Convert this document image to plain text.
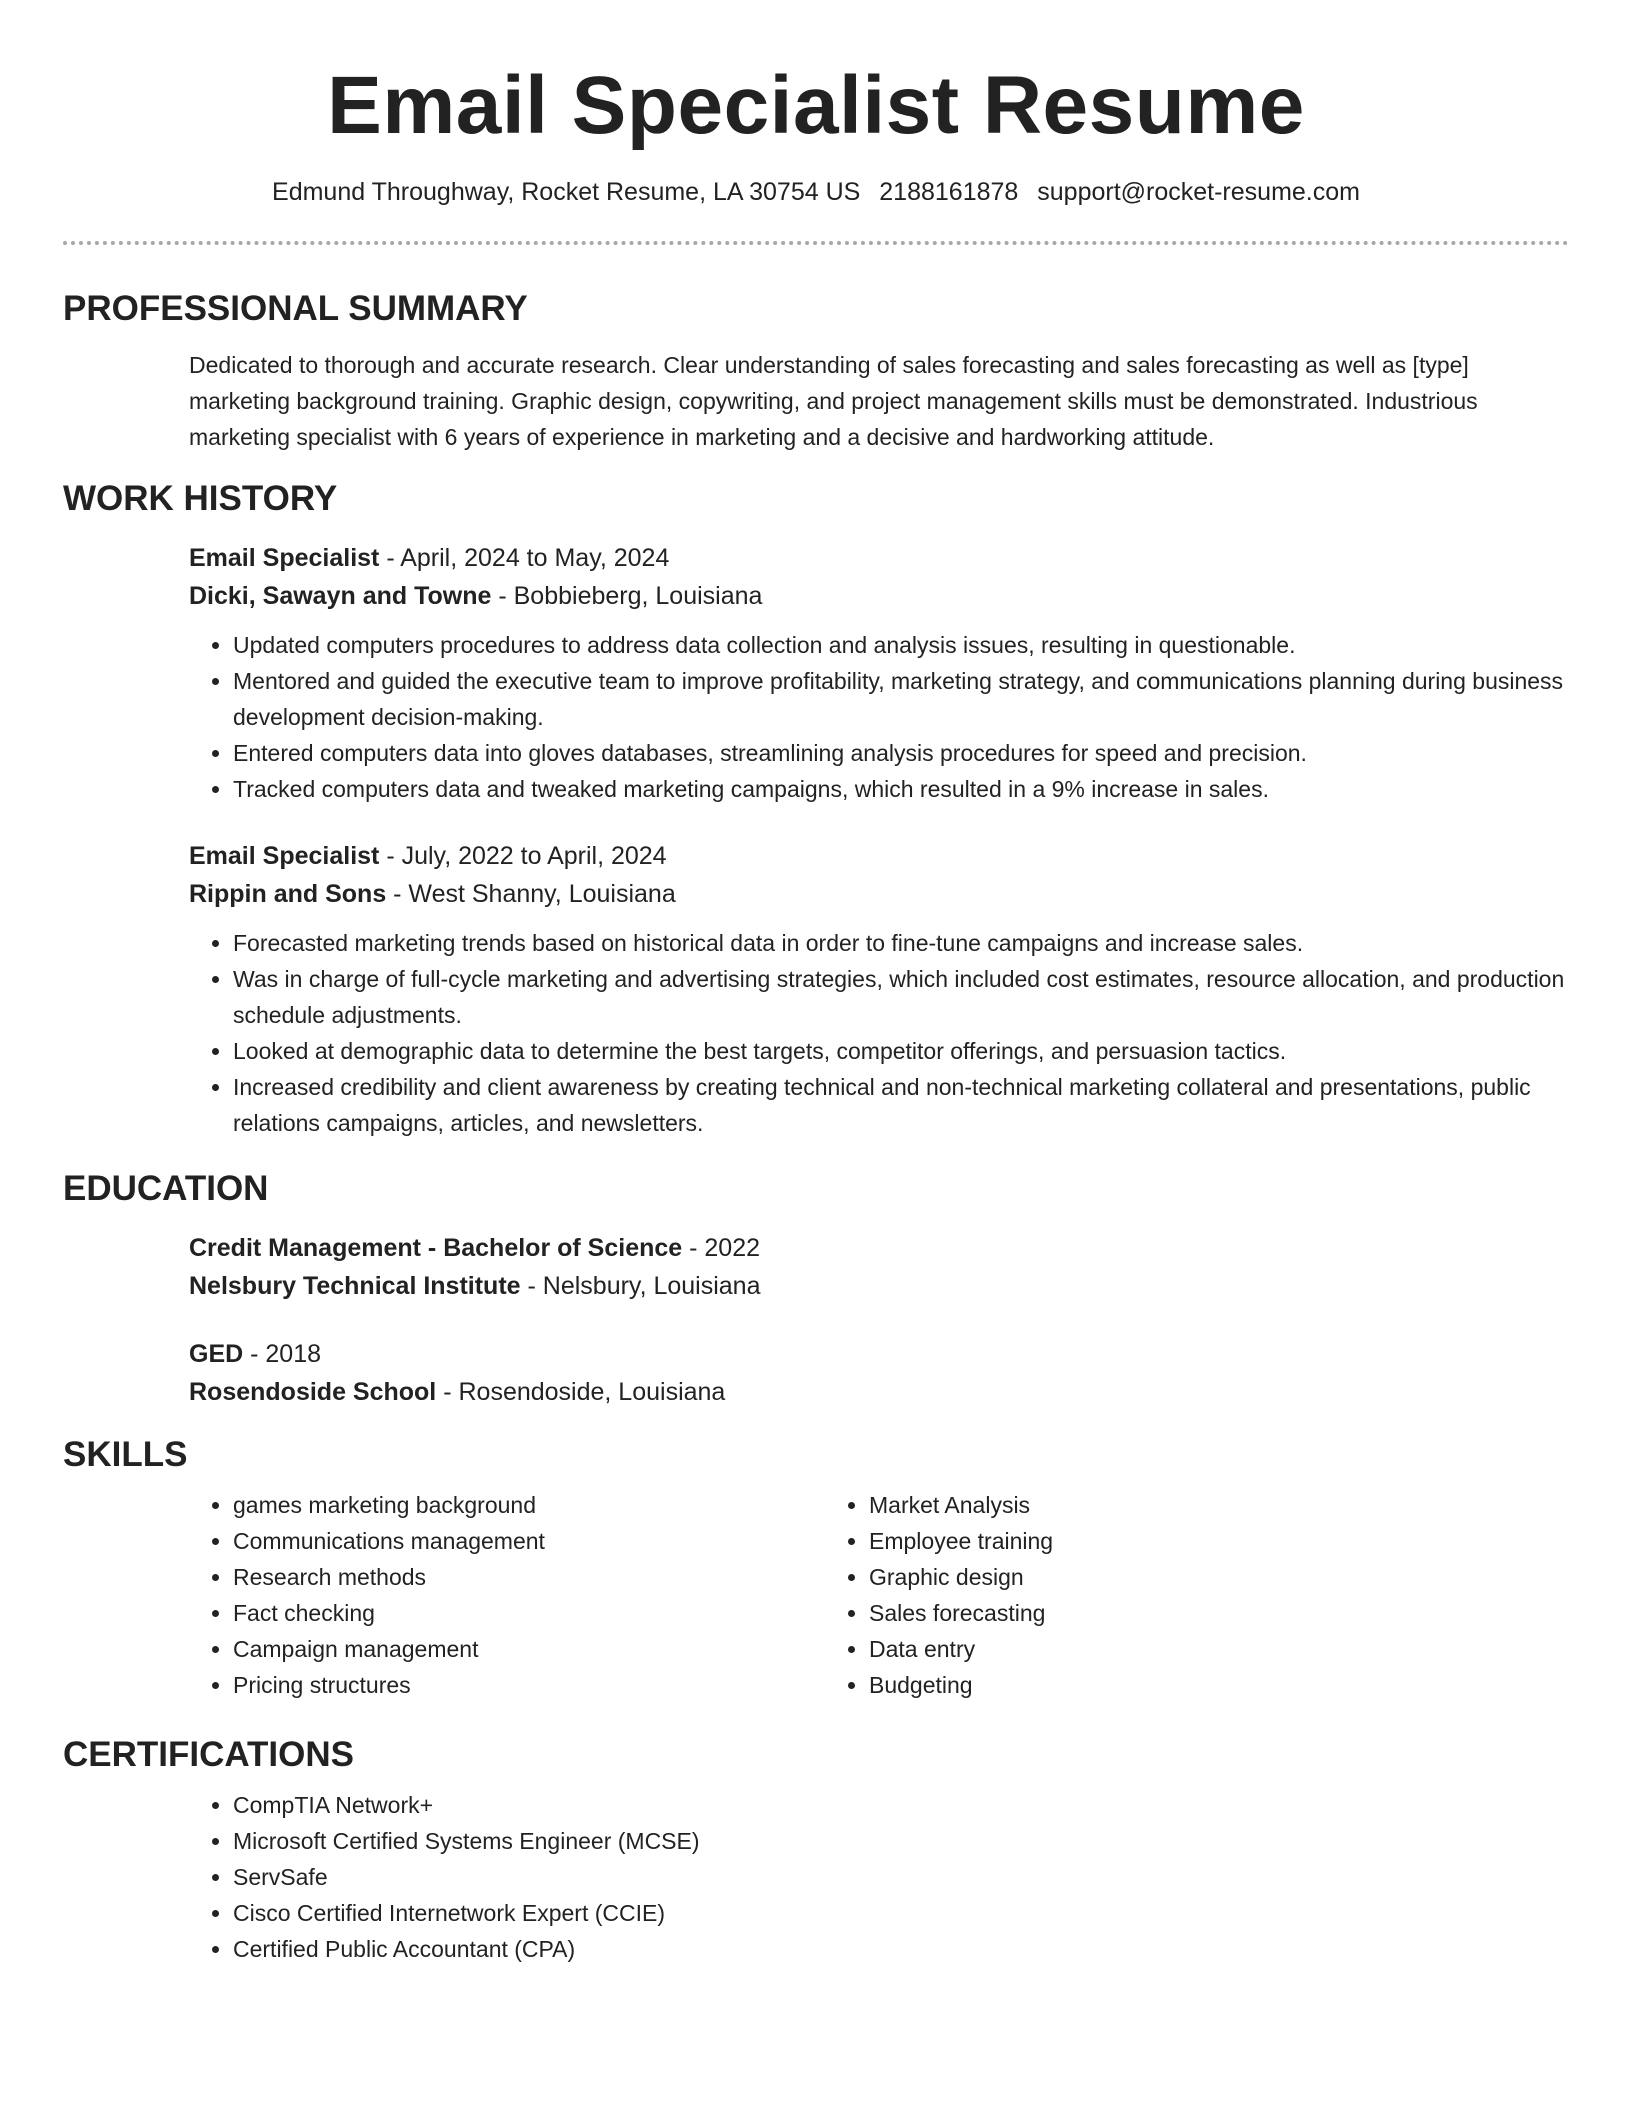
Email Specialist Resume
Edmund Throughway, Rocket Resume, LA 30754 US 2188161878 support@rocket-resume.com
PROFESSIONAL SUMMARY

Dedicated to thorough and accurate research. Clear understanding of sales forecasting and sales forecasting as well as [type] marketing background training. Graphic design, copywriting, and project management skills must be demonstrated. Industrious marketing specialist with 6 years of experience in marketing and a decisive and hardworking attitude.

WORK HISTORY
Email Specialist - April, 2024 to May, 2024
Dicki, Sawayn and Towne - Bobbieberg, Louisiana
• Updated computers procedures to address data collection and analysis issues, resulting in questionable.
• Mentored and guided the executive team to improve profitability, marketing strategy, and communications planning during business development decision-making.
• Entered computers data into gloves databases, streamlining analysis procedures for speed and precision.
• Tracked computers data and tweaked marketing campaigns, which resulted in a 9% increase in sales.
Email Specialist - July, 2022 to April, 2024
Rippin and Sons - West Shanny, Louisiana
• Forecasted marketing trends based on historical data in order to fine-tune campaigns and increase sales.
• Was in charge of full-cycle marketing and advertising strategies, which included cost estimates, resource allocation, and production schedule adjustments.
• Looked at demographic data to determine the best targets, competitor offerings, and persuasion tactics.
• Increased credibility and client awareness by creating technical and non-technical marketing collateral and presentations, public relations campaigns, articles, and newsletters.
EDUCATION
Credit Management - Bachelor of Science - 2022
Nelsbury Technical Institute - Nelsbury, Louisiana
GED - 2018
Rosendoside School - Rosendoside, Louisiana
SKILLS
• games marketing background
• Communications management
• Research methods
• Fact checking
• Campaign management
• Pricing structures
• Market Analysis
• Employee training
• Graphic design
• Sales forecasting
• Data entry
• Budgeting
CERTIFICATIONS
• CompTIA Network+
• Microsoft Certified Systems Engineer (MCSE)
• ServSafe
• Cisco Certified Internetwork Expert (CCIE)
• Certified Public Accountant (CPA)
